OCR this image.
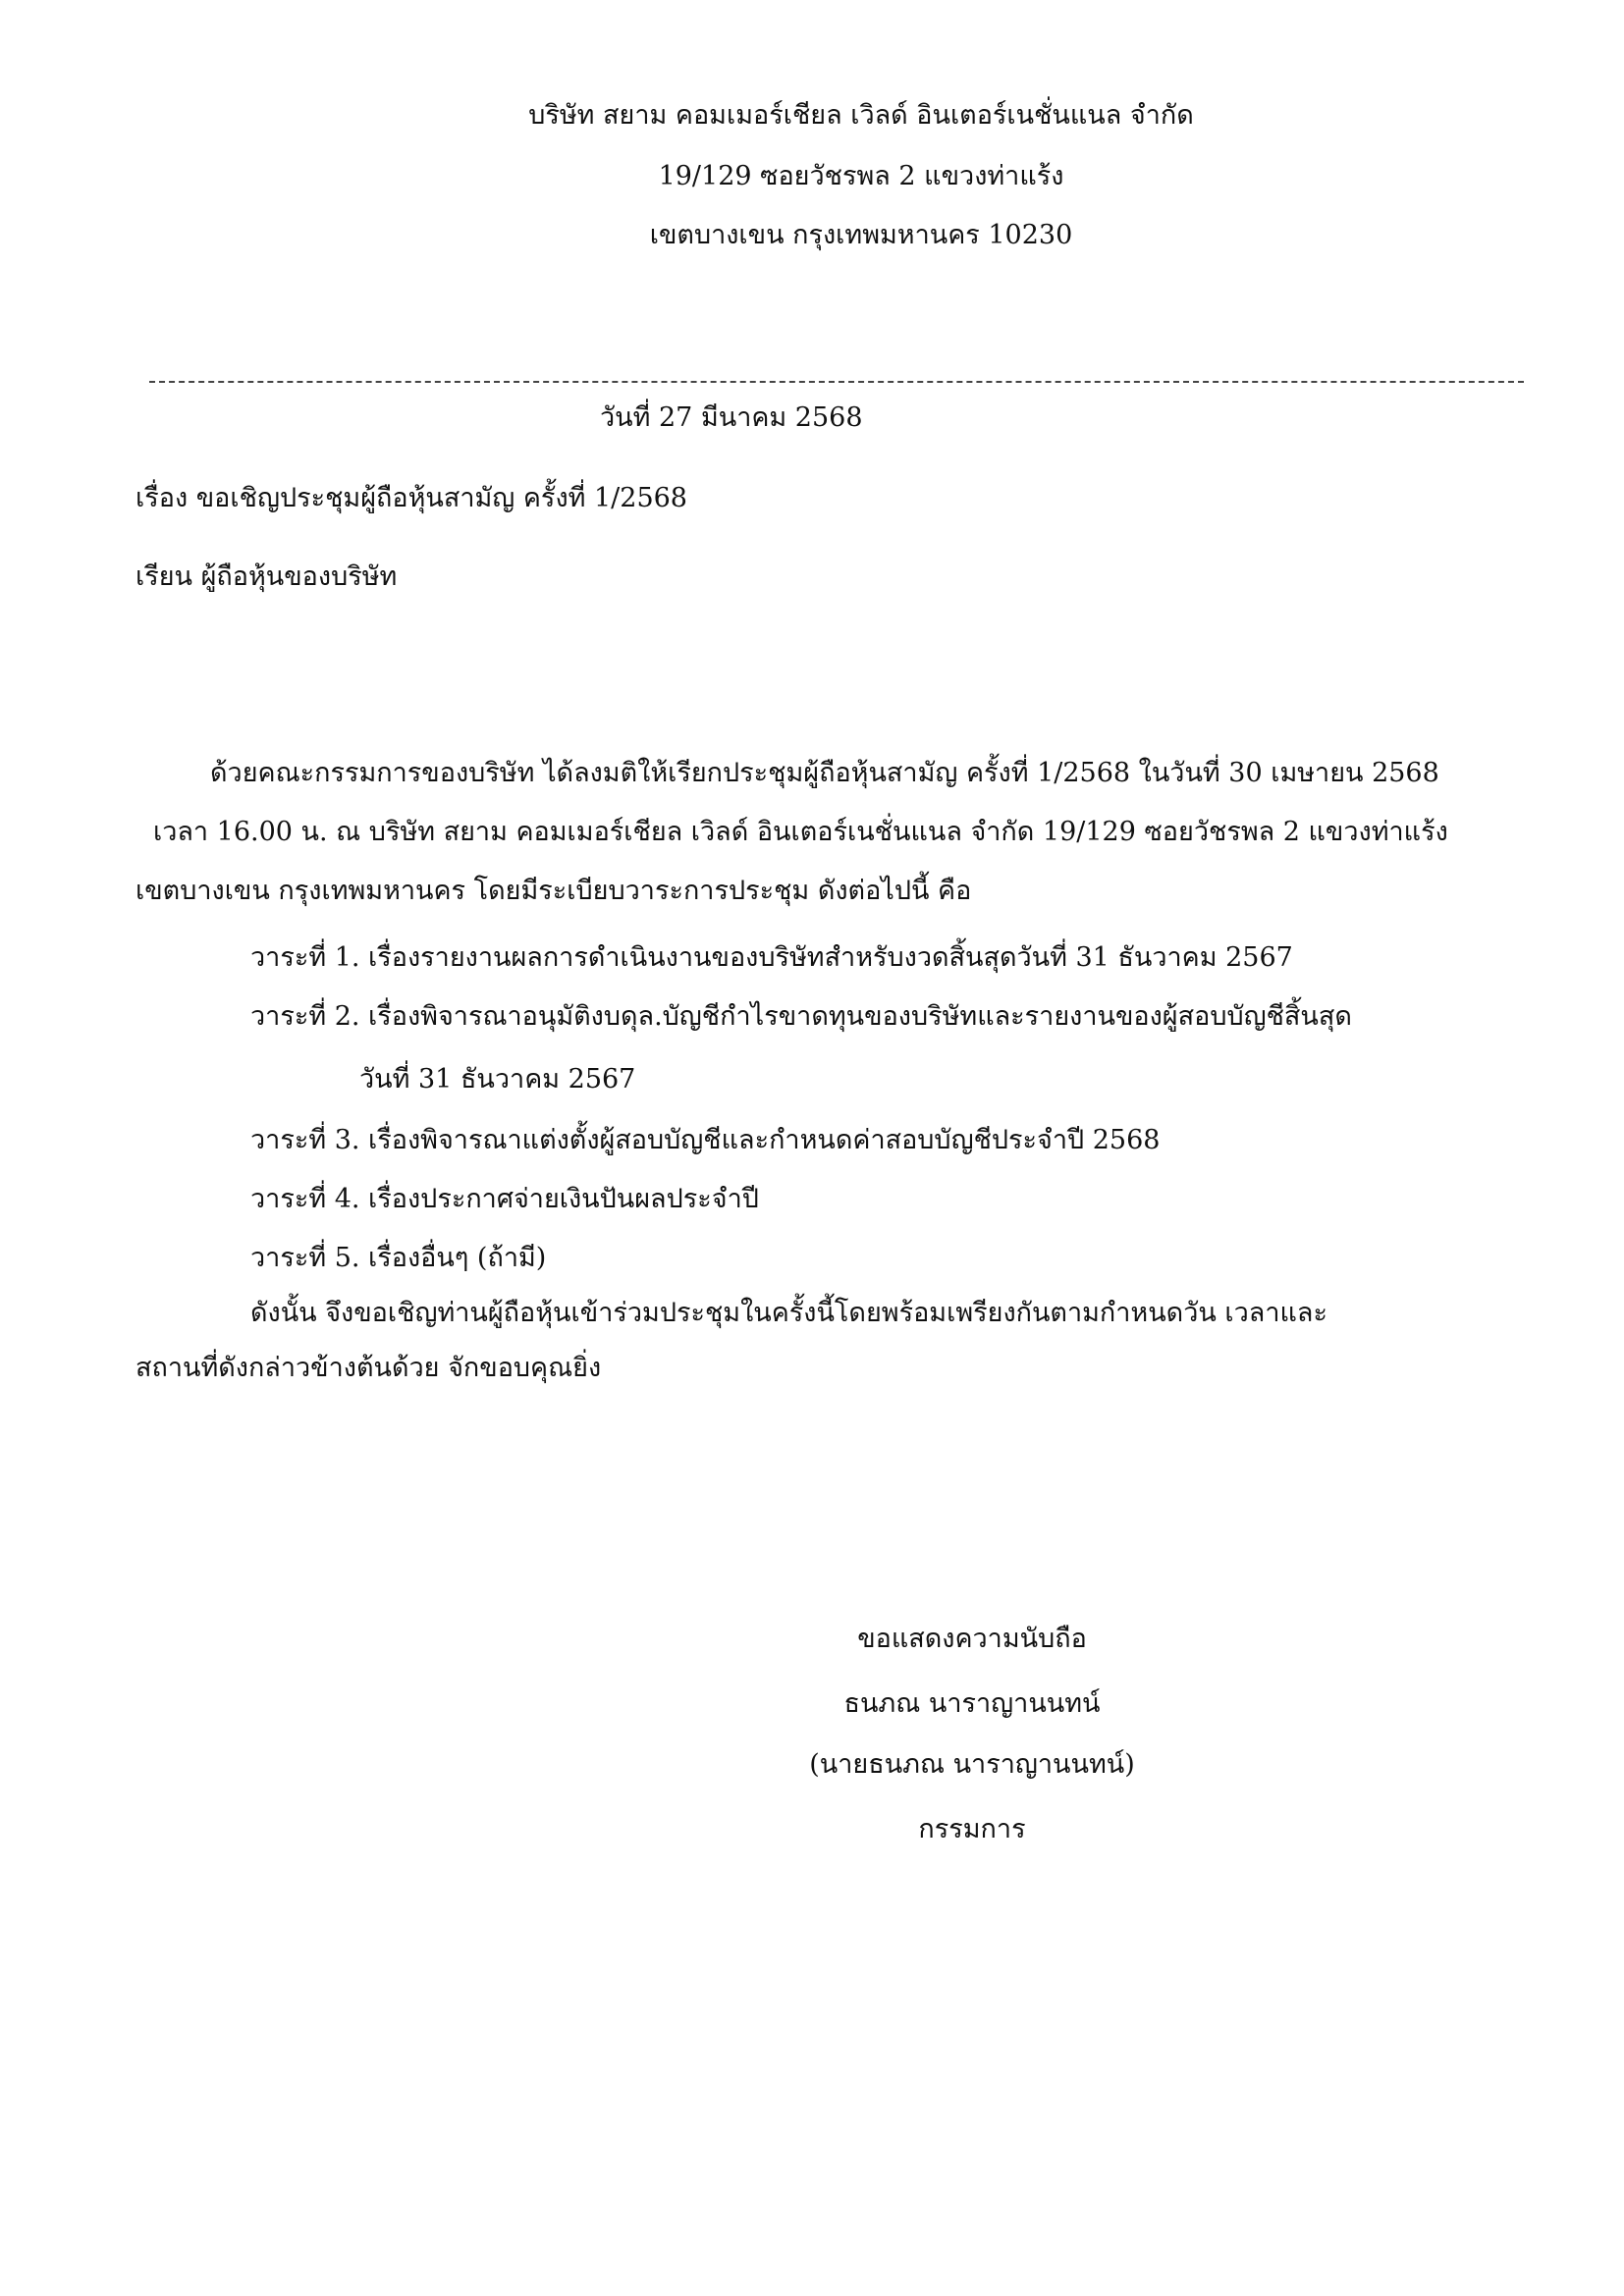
บริษัท สยาม คอมเมอร์เชียล เวิลด์ อินเตอร์เนชั่นแนล จำกัด
19/129 ซอยวัชรพล 2 แขวงท่าแร้ง
เขตบางเขน กรุงเทพมหานคร 10230
วันที่ 27 มีนาคม 2568
เรื่อง ขอเชิญประชุมผู้ถือหุ้นสามัญ ครั้งที่ 1/2568
เรียน ผู้ถือหุ้นของบริษัท
ด้วยคณะกรรมการของบริษัท ได้ลงมติให้เรียกประชุมผู้ถือหุ้นสามัญ ครั้งที่ 1/2568 ในวันที่ 30 เมษายน 2568
เวลา 16.00 น. ณ บริษัท สยาม คอมเมอร์เชียล เวิลด์ อินเตอร์เนชั่นแนล จำกัด 19/129 ซอยวัชรพล 2 แขวงท่าแร้ง
เขตบางเขน กรุงเทพมหานคร โดยมีระเบียบวาระการประชุม ดังต่อไปนี้ คือ
วาระที่ 1. เรื่องรายงานผลการดำเนินงานของบริษัทสำหรับงวดสิ้นสุดวันที่ 31 ธันวาคม 2567
วาระที่ 2. เรื่องพิจารณาอนุมัติงบดุล.บัญชีกำไรขาดทุนของบริษัทและรายงานของผู้สอบบัญชีสิ้นสุด
วันที่ 31 ธันวาคม 2567
วาระที่ 3. เรื่องพิจารณาแต่งตั้งผู้สอบบัญชีและกำหนดค่าสอบบัญชีประจำปี 2568
วาระที่ 4. เรื่องประกาศจ่ายเงินปันผลประจำปี
วาระที่ 5. เรื่องอื่นๆ (ถ้ามี)
ดังนั้น จึงขอเชิญท่านผู้ถือหุ้นเข้าร่วมประชุมในครั้งนี้โดยพร้อมเพรียงกันตามกำหนดวัน เวลาและ
สถานที่ดังกล่าวข้างต้นด้วย จักขอบคุณยิ่ง
ขอแสดงความนับถือ
ธนภณ นาราญานนทน์
(นายธนภณ นาราญานนทน์)
กรรมการ
